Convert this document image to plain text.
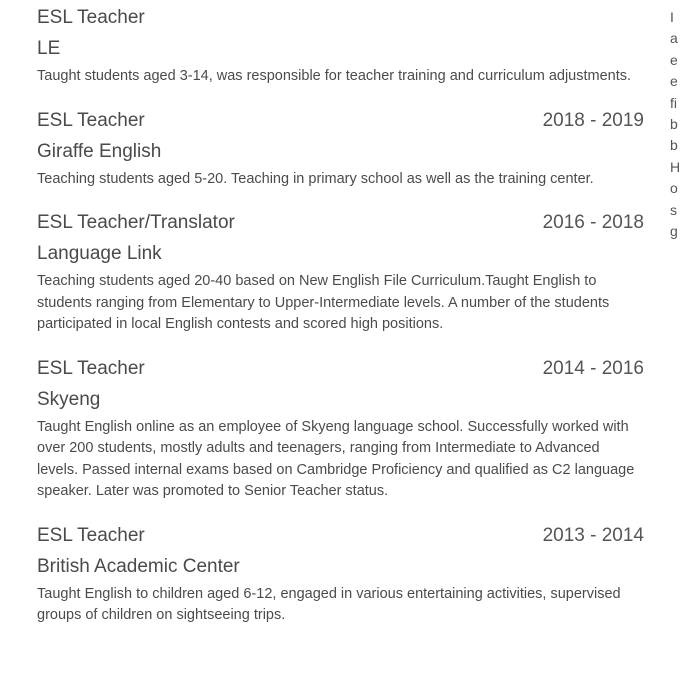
ESL Teacher
LE
Taught students aged 3-14, was responsible for teacher training and curriculum adjustments.
ESL Teacher	2018 - 2019
Giraffe English
Teaching students aged 5-20. Teaching in primary school as well as the training center.
ESL Teacher/Translator	2016 - 2018
Language Link
Teaching students aged 20-40 based on New English File Curriculum.Taught English to students ranging from Elementary to Upper-Intermediate levels. A number of the students participated in local English contests and scored high positions.
ESL Teacher	2014 - 2016
Skyeng
Taught English online as an employee of Skyeng language school. Successfully worked with over 200 students, mostly adults and teenagers, ranging from Intermediate to Advanced levels. Passed internal exams based on Cambridge Proficiency and qualified as C2 language speaker. Later was promoted to Senior Teacher status.
ESL Teacher	2013 - 2014
British Academic Center
Taught English to children aged 6-12, engaged in various entertaining activities, supervised groups of children on sightseeing trips.
I
a
e
e
fi
b
b
H
o
s
g
